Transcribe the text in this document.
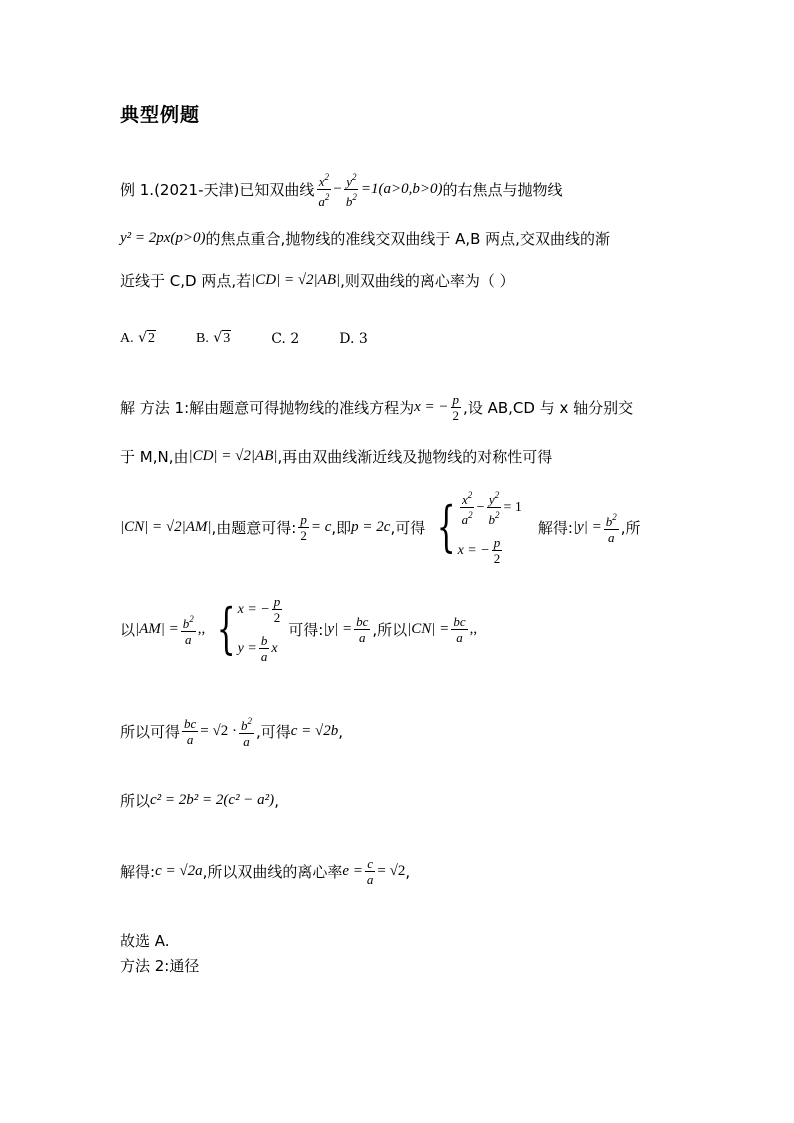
典型例题
例 1.(2021-天津)已知双曲线 $\frac{x^2}{a^2} - \frac{y^2}{b^2} =1(a>0,b>0)$ 的右焦点与抛物线
y² = 2px(p>0) 的焦点重合,抛物线的准线交双曲线于 A,B 两点,交双曲线的渐
近线于 C,D 两点,若 |CD| = √2|AB| ,则双曲线的离心率为（ ）
A. √2	B. √3	C. 2	D. 3
解 方法 1:解由题意可得抛物线的准线方程为 x = − $\frac{p}{2}$ ,设 AB,CD 与 x 轴分别交
于 M,N,由 |CD| = √2|AB| ,再由双曲线渐近线及抛物线的对称性可得
|CN| = √2|AM| ,由题意可得: $\frac{p}{2} = c$ ,即 p = 2c ,可得 { $\frac{x^2}{a^2} - \frac{y^2}{b^2} = 1$
x = − $\frac{p}{2}$
解得: $|y| = \frac{b^2}{a}$ ,所
以 $|AM| = \frac{b^2}{a}$ ,, { x = − $\frac{p}{2}$
$y = \frac{b}{a}$ x
可得: $|y| = \frac{bc}{a}$ ,所以 $|CN| = \frac{bc}{a}$ ,,
所以可得 $\frac{bc}{a} = √2 \cdot \frac{b^2}{a}$ ,可得 c = √2b ,
所以 c² = 2b² = 2(c² − a²) ,
解得: c = √2a ,所以双曲线的离心率 $e = \frac{c}{a} = √2$ ,
故选 A.
方法 2:通径
